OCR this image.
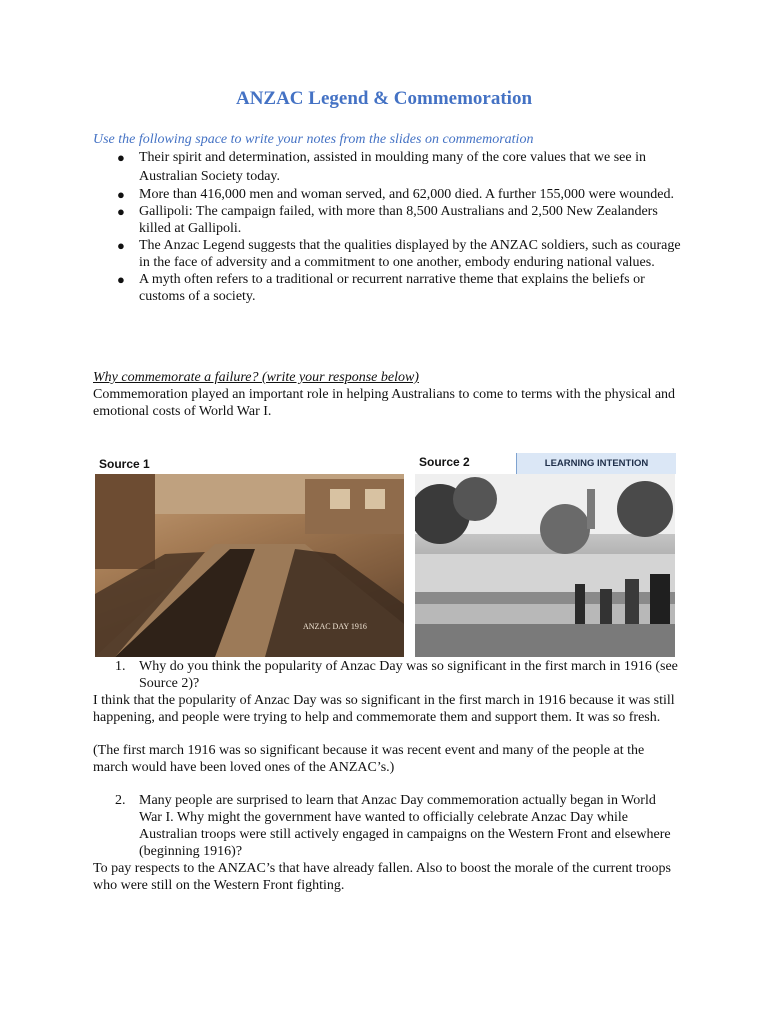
ANZAC Legend & Commemoration
Use the following space to write your notes from the slides on commemoration
● Their spirit and determination, assisted in moulding many of the core values that we see in Australian Society today.
● More than 416,000 men and woman served, and 62,000 died. A further 155,000 were wounded.
● Gallipoli: The campaign failed, with more than 8,500 Australians and 2,500 New Zealanders killed at Gallipoli.
● The Anzac Legend suggests that the qualities displayed by the ANZAC soldiers, such as courage in the face of adversity and a commitment to one another, embody enduring national values.
● A myth often refers to a traditional or recurrent narrative theme that explains the beliefs or customs of a society.
Why commemorate a failure? (write your response below)
Commemoration played an important role in helping Australians to come to terms with the physical and emotional costs of World War I.
Source 1	Source 2	LEARNING INTENTION
ANZAC DAY 1916
1. Why do you think the popularity of Anzac Day was so significant in the first march in 1916 (see Source 2)?
I think that the popularity of Anzac Day was so significant in the first march in 1916 because it was still happening, and people were trying to help and commemorate them and support them. It was so fresh.
(The first march 1916 was so significant because it was recent event and many of the people at the march would have been loved ones of the ANZAC’s.)
2. Many people are surprised to learn that Anzac Day commemoration actually began in World War I. Why might the government have wanted to officially celebrate Anzac Day while Australian troops were still actively engaged in campaigns on the Western Front and elsewhere (beginning 1916)?
To pay respects to the ANZAC’s that have already fallen. Also to boost the morale of the current troops who were still on the Western Front fighting.
